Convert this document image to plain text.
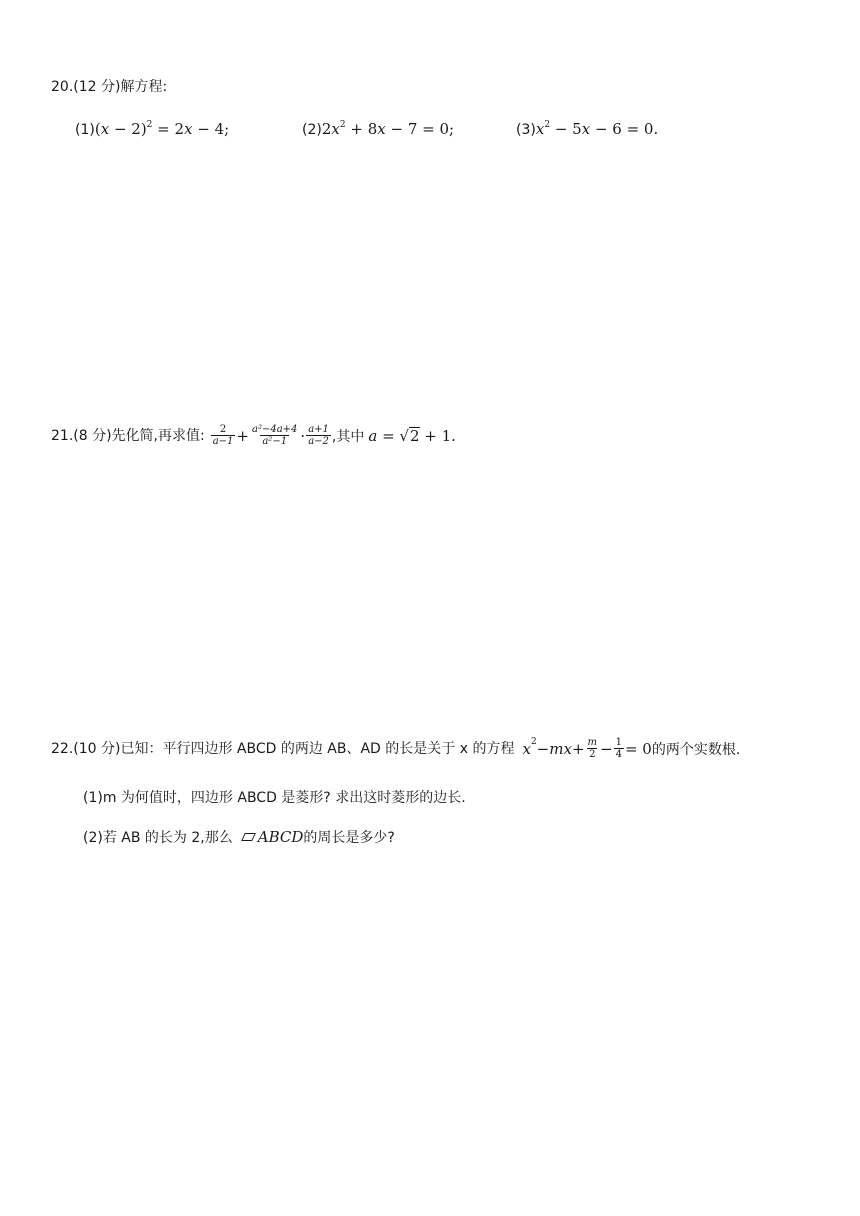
20.(12 分)解方程:
$(1)(x - 2)^2 = 2x - 4$;	$(2)2x^2 + 8x - 7 = 0$;	$(3)x^2 - 5x - 6 = 0$.
21.(8 分)先化简,再求值: $\frac{2}{a-1} + \frac{\text{a²−4a+4}}{\text{a²−1}} \cdot \frac{a+1}{a-2}$ ,其中 a = √2 + 1.
22.(10 分)已知：平行四边形 ABCD 的两边 AB、AD 的长是关于 x 的方程 x 2 − mx + $\frac{m}{2} - \frac{1}{4} = 0$ 的两个实数根.
(1)m 为何值时，四边形 ABCD 是菱形? 求出这时菱形的边长.
(2)若 AB 的长为 2,那么 ABCD 的周长是多少?
